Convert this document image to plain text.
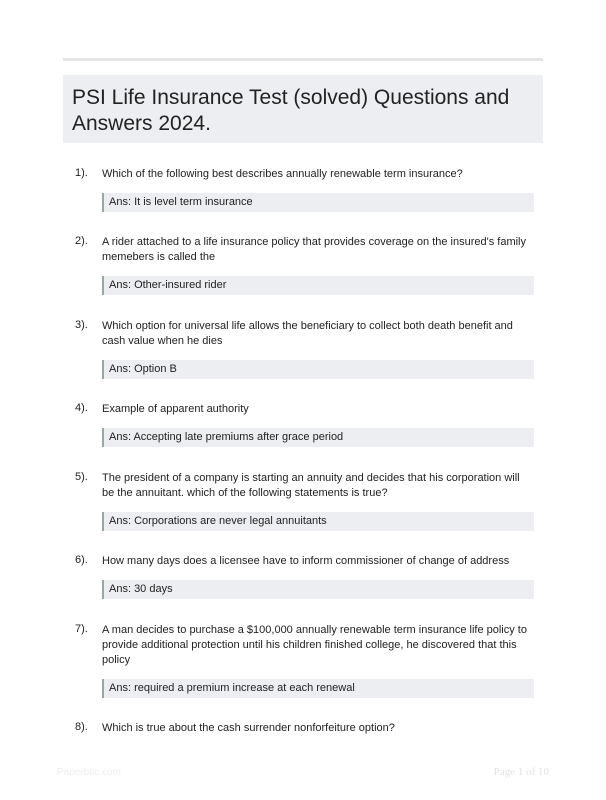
PSI Life Insurance Test (solved) Questions and Answers 2024.
1). Which of the following best describes annually renewable term insurance?
Ans: It is level term insurance
2). A rider attached to a life insurance policy that provides coverage on the insured's family memebers is called the
Ans: Other-insured rider
3). Which option for universal life allows the beneficiary to collect both death benefit and cash value when he dies
Ans: Option B
4). Example of apparent authority
Ans: Accepting late premiums after grace period
5). The president of a company is starting an annuity and decides that his corporation will be the annuitant. which of the following statements is true?
Ans: Corporations are never legal annuitants
6). How many days does a licensee have to inform commissioner of change of address
Ans: 30 days
7). A man decides to purchase a $100,000 annually renewable term insurance life policy to provide additional protection until his children finished college, he discovered that this policy
Ans: required a premium increase at each renewal
8). Which is true about the cash surrender nonforfeiture option?
Paperbtic.com	Page 1 of 10
